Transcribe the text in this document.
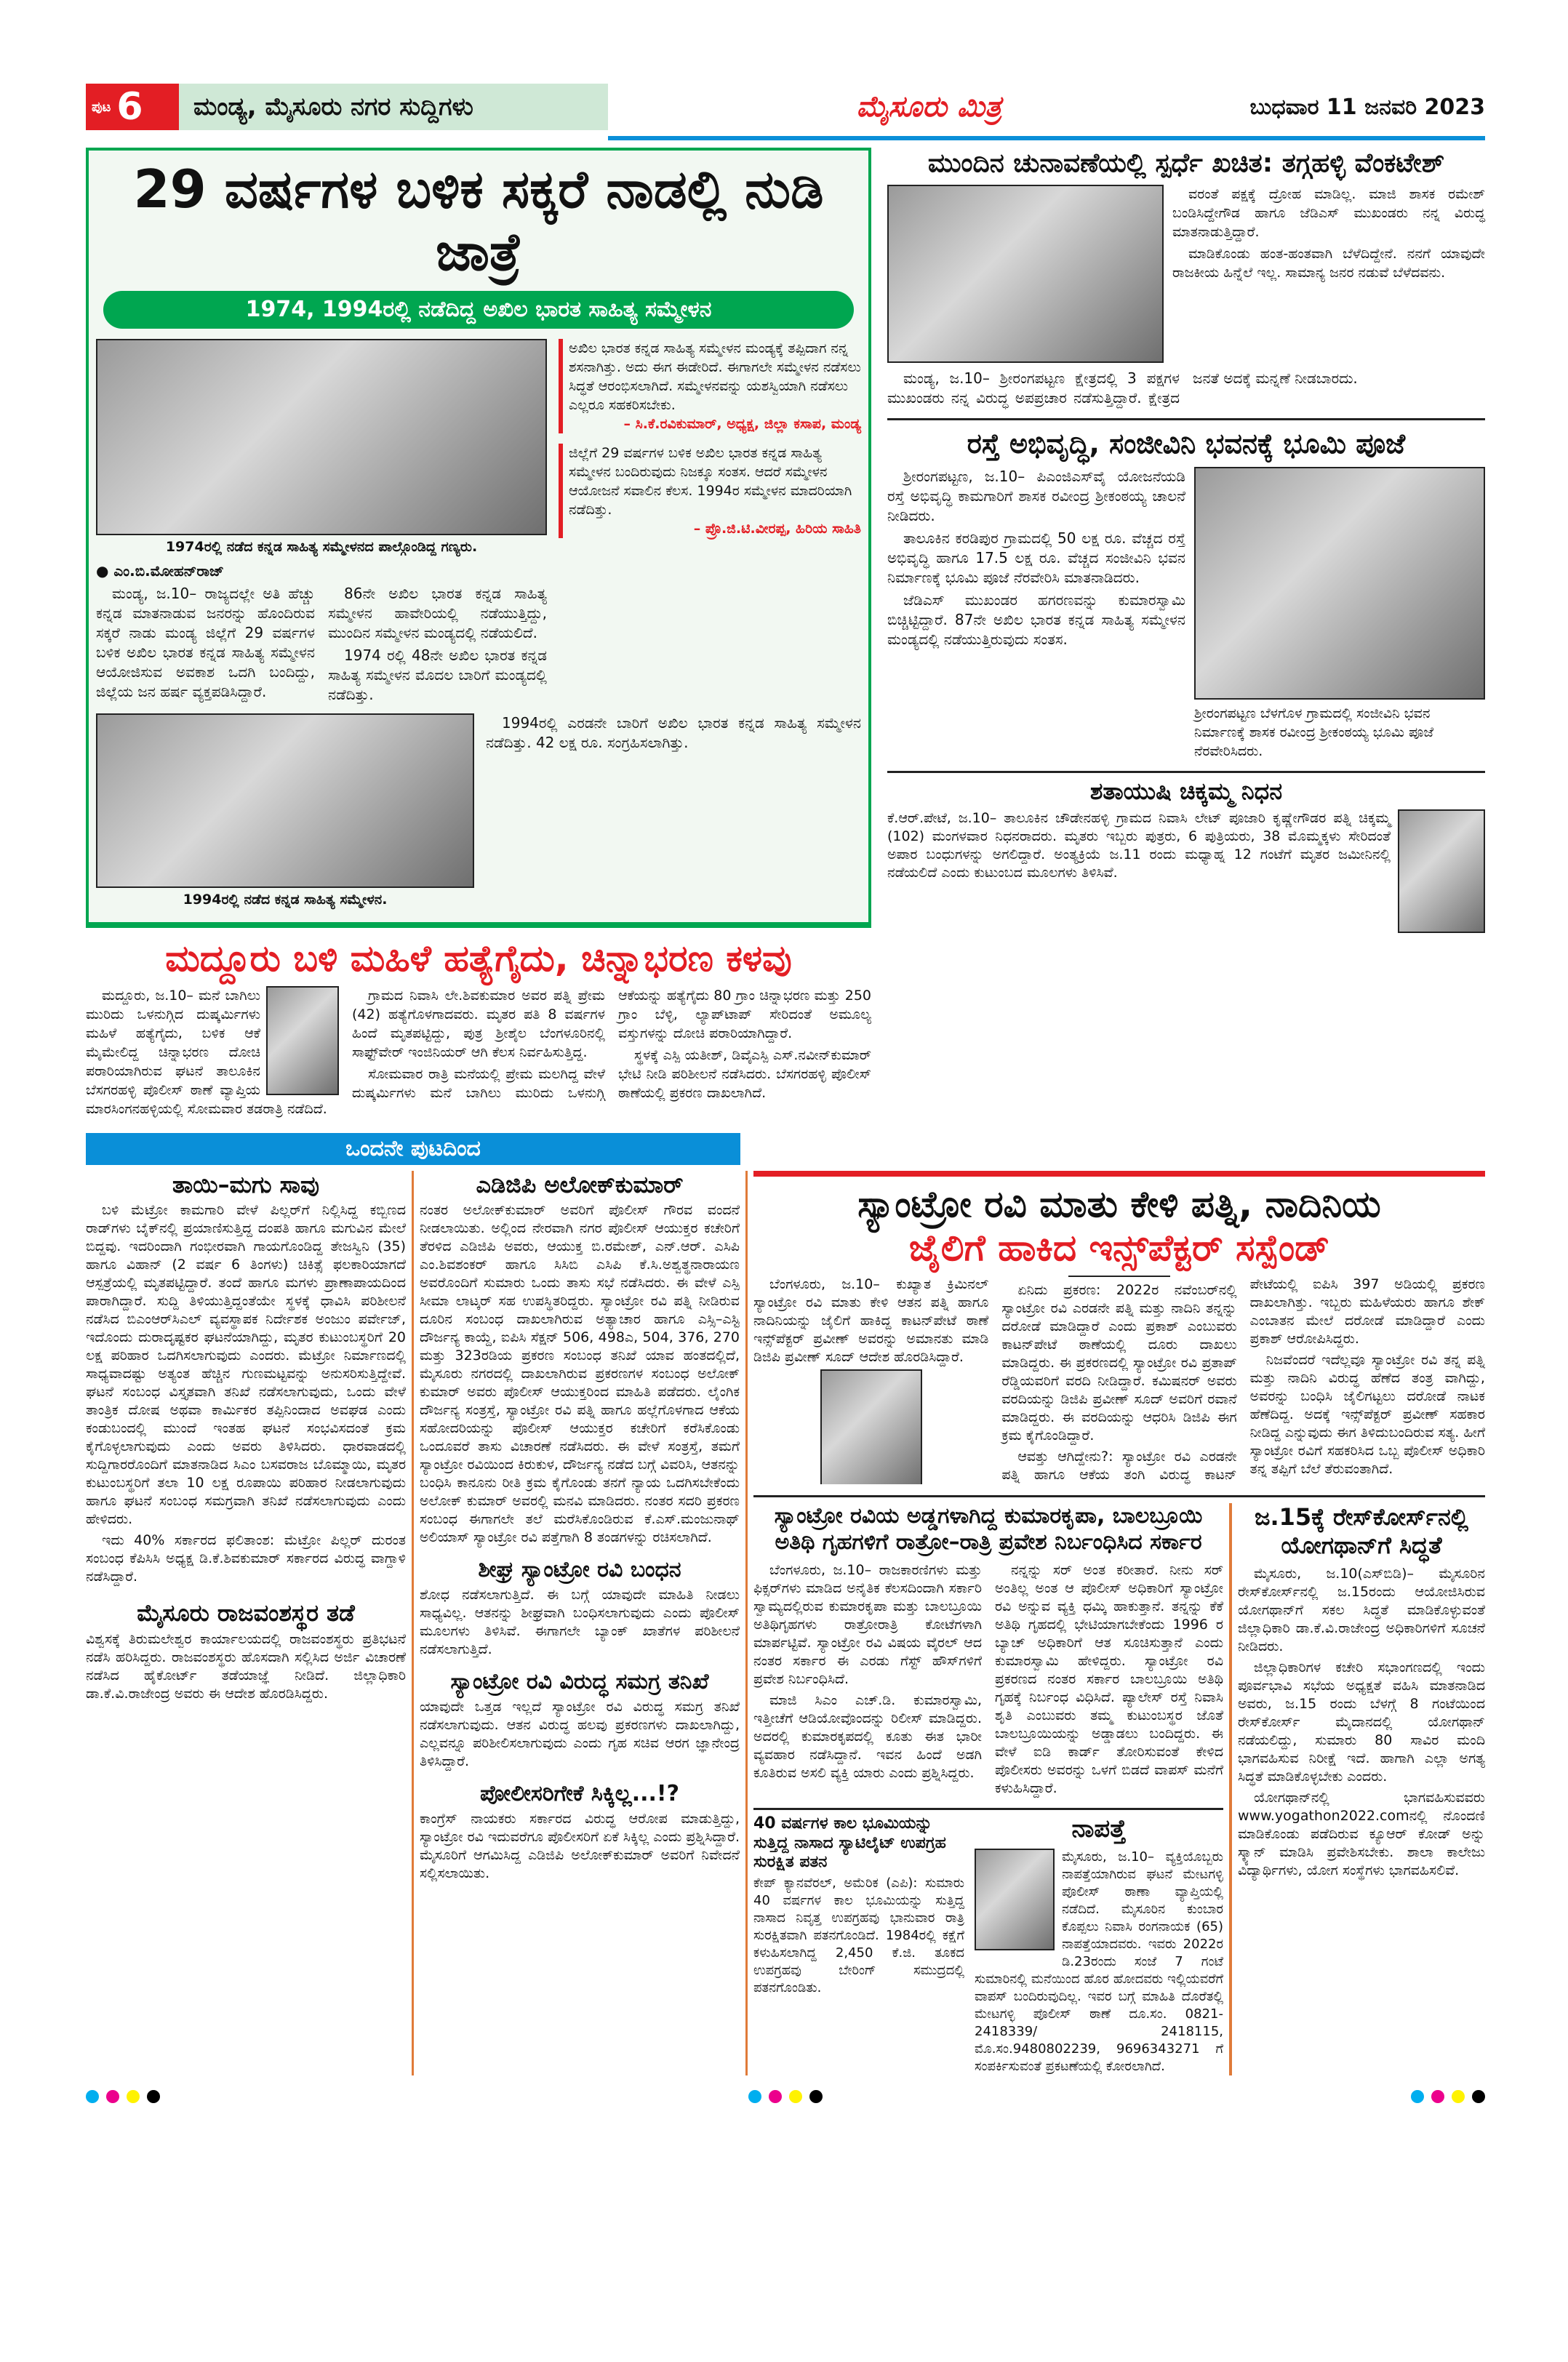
ಪುಟ 6 ಮಂಡ್ಯ, ಮೈಸೂರು ನಗರ ಸುದ್ದಿಗಳು	ಮೈಸೂರು ಮಿತ್ರ	ಬುಧವಾರ 11 ಜನವರಿ 2023
29 ವರ್ಷಗಳ ಬಳಿಕ ಸಕ್ಕರೆ ನಾಡಲ್ಲಿ ನುಡಿ ಜಾತ್ರೆ
1974, 1994ರಲ್ಲಿ ನಡೆದಿದ್ದ ಅಖಿಲ ಭಾರತ ಸಾಹಿತ್ಯ ಸಮ್ಮೇಳನ
1974ರಲ್ಲಿ ನಡೆದ ಕನ್ನಡ ಸಾಹಿತ್ಯ ಸಮ್ಮೇಳನದ ಪಾಲ್ಗೊಂಡಿದ್ದ ಗಣ್ಯರು.
● ಎಂ.ಬಿ.ಮೋಹನ್‌ರಾಜ್

ಮಂಡ್ಯ, ಜ.10– ರಾಜ್ಯದಲ್ಲೇ ಅತಿ ಹೆಚ್ಚು ಕನ್ನಡ ಮಾತನಾಡುವ ಜನರನ್ನು ಹೊಂದಿರುವ ಸಕ್ಕರೆ ನಾಡು ಮಂಡ್ಯ ಜಿಲ್ಲೆಗೆ 29 ವರ್ಷಗಳ ಬಳಿಕ ಅಖಿಲ ಭಾರತ ಕನ್ನಡ ಸಾಹಿತ್ಯ ಸಮ್ಮೇಳನ ಆಯೋಜಿಸುವ ಅವಕಾಶ ಒದಗಿ ಬಂದಿದ್ದು, ಜಿಲ್ಲೆಯ ಜನ ಹರ್ಷ ವ್ಯಕ್ತಪಡಿಸಿದ್ದಾರೆ.

86ನೇ ಅಖಿಲ ಭಾರತ ಕನ್ನಡ ಸಾಹಿತ್ಯ ಸಮ್ಮೇಳನ ಹಾವೇರಿಯಲ್ಲಿ ನಡೆಯುತ್ತಿದ್ದು, ಮುಂದಿನ ಸಮ್ಮೇಳನ ಮಂಡ್ಯದಲ್ಲಿ ನಡೆಯಲಿದೆ.

1974 ರಲ್ಲಿ 48ನೇ ಅಖಿಲ ಭಾರತ ಕನ್ನಡ ಸಾಹಿತ್ಯ ಸಮ್ಮೇಳನ ಮೊದಲ ಬಾರಿಗೆ ಮಂಡ್ಯದಲ್ಲಿ ನಡೆದಿತ್ತು.

ಅಖಿಲ ಭಾರತ ಕನ್ನಡ ಸಾಹಿತ್ಯ ಸಮ್ಮೇಳನ ಮಂಡ್ಯಕ್ಕೆ ತಪ್ಪಿದಾಗ ನನ್ನ ಶಸನಾಗಿತ್ತು. ಅದು ಈಗ ಈಡೇರಿದೆ. ಈಗಾಗಲೇ ಸಮ್ಮೇಳನ ನಡೆಸಲು ಸಿದ್ಧತೆ ಆರಂಭಿಸಲಾಗಿದೆ. ಸಮ್ಮೇಳನವನ್ನು ಯಶಸ್ವಿಯಾಗಿ ನಡೆಸಲು ಎಲ್ಲರೂ ಸಹಕರಿಸಬೇಕು.
– ಸಿ.ಕೆ.ರವಿಕುಮಾರ್, ಅಧ್ಯಕ್ಷ, ಜಿಲ್ಲಾ ಕಸಾಪ, ಮಂಡ್ಯ
ಜಿಲ್ಲೆಗೆ 29 ವರ್ಷಗಳ ಬಳಿಕ ಅಖಿಲ ಭಾರತ ಕನ್ನಡ ಸಾಹಿತ್ಯ ಸಮ್ಮೇಳನ ಬಂದಿರುವುದು ನಿಜಕ್ಕೂ ಸಂತಸ. ಆದರೆ ಸಮ್ಮೇಳನ ಆಯೋಜನೆ ಸವಾಲಿನ ಕೆಲಸ. 1994ರ ಸಮ್ಮೇಳನ ಮಾದರಿಯಾಗಿ ನಡೆದಿತ್ತು.
– ಪ್ರೊ.ಜಿ.ಟಿ.ವೀರಪ್ಪ, ಹಿರಿಯ ಸಾಹಿತಿ
1994ರಲ್ಲಿ ನಡೆದ ಕನ್ನಡ ಸಾಹಿತ್ಯ ಸಮ್ಮೇಳನ.

1994ರಲ್ಲಿ ಎರಡನೇ ಬಾರಿಗೆ ಅಖಿಲ ಭಾರತ ಕನ್ನಡ ಸಾಹಿತ್ಯ ಸಮ್ಮೇಳನ ನಡೆದಿತ್ತು. 42 ಲಕ್ಷ ರೂ. ಸಂಗ್ರಹಿಸಲಾಗಿತ್ತು.

ಮದ್ದೂರು ಬಳಿ ಮಹಿಳೆ ಹತ್ಯೆಗೈದು, ಚಿನ್ನಾಭರಣ ಕಳವು

ಮದ್ದೂರು, ಜ.10– ಮನೆ ಬಾಗಿಲು ಮುರಿದು ಒಳನುಗ್ಗಿದ ದುಷ್ಕರ್ಮಿಗಳು ಮಹಿಳೆ ಹತ್ಯೆಗೈದು, ಬಳಿಕ ಆಕೆ ಮೈಮೇಲಿದ್ದ ಚಿನ್ನಾಭರಣ ದೋಚಿ ಪರಾರಿಯಾಗಿರುವ ಘಟನೆ ತಾಲೂಕಿನ ಬೆಸಗರಹಳ್ಳಿ ಪೊಲೀಸ್ ಠಾಣೆ ವ್ಯಾಪ್ತಿಯ ಮಾರಸಿಂಗನಹಳ್ಳಿಯಲ್ಲಿ ಸೋಮವಾರ ತಡರಾತ್ರಿ ನಡೆದಿದೆ.

ಗ್ರಾಮದ ನಿವಾಸಿ ಲೇ.ಶಿವಕುಮಾರ ಅವರ ಪತ್ನಿ ಪ್ರೇಮ (42) ಹತ್ಯೆಗೊಳಗಾದವರು. ಮೃತರ ಪತಿ 8 ವರ್ಷಗಳ ಹಿಂದೆ ಮೃತಪಟ್ಟಿದ್ದು, ಪುತ್ರ ಶ್ರೀಶೈಲ ಬೆಂಗಳೂರಿನಲ್ಲಿ ಸಾಫ್ಟ್‌ವೇರ್ ಇಂಜಿನಿಯರ್ ಆಗಿ ಕೆಲಸ ನಿರ್ವಹಿಸುತ್ತಿದ್ದ.

ಸೋಮವಾರ ರಾತ್ರಿ ಮನೆಯಲ್ಲಿ ಪ್ರೇಮ ಮಲಗಿದ್ದ ವೇಳೆ ದುಷ್ಕರ್ಮಿಗಳು ಮನೆ ಬಾಗಿಲು ಮುರಿದು ಒಳನುಗ್ಗಿ ಆಕೆಯನ್ನು ಹತ್ಯೆಗೈದು 80 ಗ್ರಾಂ ಚಿನ್ನಾಭರಣ ಮತ್ತು 250 ಗ್ರಾಂ ಬೆಳ್ಳಿ, ಲ್ಯಾಪ್‌ಟಾಪ್ ಸೇರಿದಂತೆ ಅಮೂಲ್ಯ ವಸ್ತುಗಳನ್ನು ದೋಚಿ ಪರಾರಿಯಾಗಿದ್ದಾರೆ.

ಸ್ಥಳಕ್ಕೆ ಎಸ್ಪಿ ಯತೀಶ್, ಡಿವೈಎಸ್ಪಿ ಎಸ್.ನವೀನ್‌ಕುಮಾರ್ ಭೇಟಿ ನೀಡಿ ಪರಿಶೀಲನೆ ನಡೆಸಿದರು. ಬೆಸಗರಹಳ್ಳಿ ಪೊಲೀಸ್ ಠಾಣೆಯಲ್ಲಿ ಪ್ರಕರಣ ದಾಖಲಾಗಿದೆ.

ಮುಂದಿನ ಚುನಾವಣೆಯಲ್ಲಿ ಸ್ಪರ್ಧೆ ಖಚಿತ: ತಗ್ಗಹಳ್ಳಿ ವೆಂಕಟೇಶ್

ವರಂತೆ ಪಕ್ಷಕ್ಕೆ ದ್ರೋಹ ಮಾಡಿಲ್ಲ. ಮಾಜಿ ಶಾಸಕ ರಮೇಶ್ ಬಂಡಿಸಿದ್ದೇಗೌಡ ಹಾಗೂ ಜೆಡಿಎಸ್ ಮುಖಂಡರು ನನ್ನ ವಿರುದ್ಧ ಮಾತನಾಡುತ್ತಿದ್ದಾರೆ.

ಮಾಡಿಕೊಂಡು ಹಂತ-ಹಂತವಾಗಿ ಬೆಳೆದಿದ್ದೇನೆ. ನನಗೆ ಯಾವುದೇ ರಾಜಕೀಯ ಹಿನ್ನೆಲೆ ಇಲ್ಲ. ಸಾಮಾನ್ಯ ಜನರ ನಡುವೆ ಬೆಳೆದವನು.

ಮಂಡ್ಯ, ಜ.10– ಶ್ರೀರಂಗಪಟ್ಟಣ ಕ್ಷೇತ್ರದಲ್ಲಿ 3 ಪಕ್ಷಗಳ ಮುಖಂಡರು ನನ್ನ ವಿರುದ್ಧ ಅಪಪ್ರಚಾರ ನಡೆಸುತ್ತಿದ್ದಾರೆ. ಕ್ಷೇತ್ರದ ಜನತೆ ಅದಕ್ಕೆ ಮನ್ನಣೆ ನೀಡಬಾರದು.

ರಸ್ತೆ ಅಭಿವೃದ್ಧಿ, ಸಂಜೀವಿನಿ ಭವನಕ್ಕೆ ಭೂಮಿ ಪೂಜೆ

ಶ್ರೀರಂಗಪಟ್ಟಣ, ಜ.10– ಪಿಎಂಜಿಎಸ್‌ವೈ ಯೋಜನೆಯಡಿ ರಸ್ತೆ ಅಭಿವೃದ್ಧಿ ಕಾಮಗಾರಿಗೆ ಶಾಸಕ ರವೀಂದ್ರ ಶ್ರೀಕಂಠಯ್ಯ ಚಾಲನೆ ನೀಡಿದರು.

ತಾಲೂಕಿನ ಕರಡಿಪುರ ಗ್ರಾಮದಲ್ಲಿ 50 ಲಕ್ಷ ರೂ. ವೆಚ್ಚದ ರಸ್ತೆ ಅಭಿವೃದ್ಧಿ ಹಾಗೂ 17.5 ಲಕ್ಷ ರೂ. ವೆಚ್ಚದ ಸಂಜೀವಿನಿ ಭವನ ನಿರ್ಮಾಣಕ್ಕೆ ಭೂಮಿ ಪೂಜೆ ನೆರವೇರಿಸಿ ಮಾತನಾಡಿದರು.

ಜೆಡಿಎಸ್ ಮುಖಂಡರ ಹಗರಣವನ್ನು ಕುಮಾರಸ್ವಾಮಿ ಬಿಚ್ಚಿಟ್ಟಿದ್ದಾರೆ. 87ನೇ ಅಖಿಲ ಭಾರತ ಕನ್ನಡ ಸಾಹಿತ್ಯ ಸಮ್ಮೇಳನ ಮಂಡ್ಯದಲ್ಲಿ ನಡೆಯುತ್ತಿರುವುದು ಸಂತಸ.

ಶ್ರೀರಂಗಪಟ್ಟಣ ಬೆಳಗೊಳ ಗ್ರಾಮದಲ್ಲಿ ಸಂಜೀವಿನಿ ಭವನ ನಿರ್ಮಾಣಕ್ಕೆ ಶಾಸಕ ರವೀಂದ್ರ ಶ್ರೀಕಂಠಯ್ಯ ಭೂಮಿ ಪೂಜೆ ನೆರವೇರಿಸಿದರು.
ಶತಾಯುಷಿ ಚಿಕ್ಕಮ್ಮ ನಿಧನ
ಕೆ.ಆರ್.ಪೇಟೆ, ಜ.10– ತಾಲೂಕಿನ ಚೌಡೇನಹಳ್ಳಿ ಗ್ರಾಮದ ನಿವಾಸಿ ಲೇಟ್ ಪೂಜಾರಿ ಕೃಷ್ಣೇಗೌಡರ ಪತ್ನಿ ಚಿಕ್ಕಮ್ಮ (102) ಮಂಗಳವಾರ ನಿಧನರಾದರು. ಮೃತರು ಇಬ್ಬರು ಪುತ್ರರು, 6 ಪುತ್ರಿಯರು, 38 ಮೊಮ್ಮಕ್ಕಳು ಸೇರಿದಂತೆ ಅಪಾರ ಬಂಧುಗಳನ್ನು ಅಗಲಿದ್ದಾರೆ. ಅಂತ್ಯಕ್ರಿಯೆ ಜ.11 ರಂದು ಮಧ್ಯಾಹ್ನ 12 ಗಂಟೆಗೆ ಮೃತರ ಜಮೀನಿನಲ್ಲಿ ನಡೆಯಲಿದೆ ಎಂದು ಕುಟುಂಬದ ಮೂಲಗಳು ತಿಳಿಸಿವೆ.
ಒಂದನೇ ಪುಟದಿಂದ
ತಾಯಿ–ಮಗು ಸಾವು

ಬಳಿ ಮೆಟ್ರೋ ಕಾಮಗಾರಿ ವೇಳೆ ಪಿಲ್ಲರ್‌ಗೆ ನಿಲ್ಲಿಸಿದ್ದ ಕಬ್ಬಿಣದ ರಾಡ್‌ಗಳು ಬೈಕ್‌ನಲ್ಲಿ ಪ್ರಯಾಣಿಸುತ್ತಿದ್ದ ದಂಪತಿ ಹಾಗೂ ಮಗುವಿನ ಮೇಲೆ ಬಿದ್ದವು. ಇದರಿಂದಾಗಿ ಗಂಭೀರವಾಗಿ ಗಾಯಗೊಂಡಿದ್ದ ತೇಜಸ್ವಿನಿ (35) ಹಾಗೂ ವಿಹಾನ್ (2 ವರ್ಷ 6 ತಿಂಗಳು) ಚಿಕಿತ್ಸೆ ಫಲಕಾರಿಯಾಗದೆ ಆಸ್ಪತ್ರೆಯಲ್ಲಿ ಮೃತಪಟ್ಟಿದ್ದಾರೆ. ತಂದೆ ಹಾಗೂ ಮಗಳು ಪ್ರಾಣಾಪಾಯದಿಂದ ಪಾರಾಗಿದ್ದಾರೆ. ಸುದ್ದಿ ತಿಳಿಯುತ್ತಿದ್ದಂತೆಯೇ ಸ್ಥಳಕ್ಕೆ ಧಾವಿಸಿ ಪರಿಶೀಲನೆ ನಡೆಸಿದ ಬಿಎಂಆರ್‌ಸಿಎಲ್ ವ್ಯವಸ್ಥಾಪಕ ನಿರ್ದೇಶಕ ಅಂಜುಂ ಪರ್ವೇಜ್, ಇದೊಂದು ದುರಾದೃಷ್ಟಕರ ಘಟನೆಯಾಗಿದ್ದು, ಮೃತರ ಕುಟುಂಬಸ್ಥರಿಗೆ 20 ಲಕ್ಷ ಪರಿಹಾರ ಒದಗಿಸಲಾಗುವುದು ಎಂದರು. ಮೆಟ್ರೋ ನಿರ್ಮಾಣದಲ್ಲಿ ಸಾಧ್ಯವಾದಷ್ಟು ಅತ್ಯಂತ ಹೆಚ್ಚಿನ ಗುಣಮಟ್ಟವನ್ನು ಅನುಸರಿಸುತ್ತಿದ್ದೇವೆ. ಘಟನೆ ಸಂಬಂಧ ವಿಸ್ತೃತವಾಗಿ ತನಿಖೆ ನಡೆಸಲಾಗುವುದು, ಒಂದು ವೇಳೆ ತಾಂತ್ರಿಕ ದೋಷ ಅಥವಾ ಕಾರ್ಮಿಕರ ತಪ್ಪಿನಿಂದಾದ ಅವಘಡ ಎಂದು ಕಂಡುಬಂದಲ್ಲಿ ಮುಂದೆ ಇಂತಹ ಘಟನೆ ಸಂಭವಿಸದಂತೆ ಕ್ರಮ ಕೈಗೊಳ್ಳಲಾಗುವುದು ಎಂದು ಅವರು ತಿಳಿಸಿದರು. ಧಾರವಾಡದಲ್ಲಿ ಸುದ್ದಿಗಾರರೊಂದಿಗೆ ಮಾತನಾಡಿದ ಸಿಎಂ ಬಸವರಾಜ ಬೊಮ್ಮಾಯಿ, ಮೃತರ ಕುಟುಂಬಸ್ಥರಿಗೆ ತಲಾ 10 ಲಕ್ಷ ರೂಪಾಯಿ ಪರಿಹಾರ ನೀಡಲಾಗುವುದು ಹಾಗೂ ಘಟನೆ ಸಂಬಂಧ ಸಮಗ್ರವಾಗಿ ತನಿಖೆ ನಡೆಸಲಾಗುವುದು ಎಂದು ಹೇಳಿದರು.

ಇದು 40% ಸರ್ಕಾರದ ಫಲಿತಾಂಶ: ಮೆಟ್ರೋ ಪಿಲ್ಲರ್ ದುರಂತ ಸಂಬಂಧ ಕೆಪಿಸಿಸಿ ಅಧ್ಯಕ್ಷ ಡಿ.ಕೆ.ಶಿವಕುಮಾರ್ ಸರ್ಕಾರದ ವಿರುದ್ಧ ವಾಗ್ದಾಳಿ ನಡೆಸಿದ್ದಾರೆ.

ಮೈಸೂರು ರಾಜವಂಶಸ್ಥರ ತಡೆ
ವಿಶ್ವಸಕ್ಕೆ ತಿರುಮಲೇಶ್ವರ ಕಾರ್ಯಾಲಯದಲ್ಲಿ ರಾಜವಂಶಸ್ಥರು ಪ್ರತಿಭಟನೆ ನಡೆಸಿ ಹರಿಸಿದ್ದರು. ರಾಜವಂಶಸ್ಥರು ಹೊಸದಾಗಿ ಸಲ್ಲಿಸಿದ ಅರ್ಜಿ ವಿಚಾರಣೆ ನಡೆಸಿದ ಹೈಕೋರ್ಟ್ ತಡೆಯಾಜ್ಞೆ ನೀಡಿದೆ. ಜಿಲ್ಲಾಧಿಕಾರಿ ಡಾ.ಕೆ.ವಿ.ರಾಜೇಂದ್ರ ಅವರು ಈ ಆದೇಶ ಹೊರಡಿಸಿದ್ದರು.
ಎಡಿಜಿಪಿ ಅಲೋಕ್‌ಕುಮಾರ್
ನಂತರ ಅಲೋಕ್‌ಕುಮಾರ್ ಅವರಿಗೆ ಪೊಲೀಸ್ ಗೌರವ ವಂದನೆ ನೀಡಲಾಯಿತು. ಅಲ್ಲಿಂದ ನೇರವಾಗಿ ನಗರ ಪೊಲೀಸ್ ಆಯುಕ್ತರ ಕಚೇರಿಗೆ ತೆರಳಿದ ಎಡಿಜಿಪಿ ಅವರು, ಆಯುಕ್ತ ಬಿ.ರಮೇಶ್, ಎನ್.ಆರ್. ಎಸಿಪಿ ಎಂ.ಶಿವಶಂಕರ್ ಹಾಗೂ ಸಿಸಿಬಿ ಎಸಿಪಿ ಕೆ.ಸಿ.ಅಶ್ವತ್ಥನಾರಾಯಣ ಅವರೊಂದಿಗೆ ಸುಮಾರು ಒಂದು ತಾಸು ಸಭೆ ನಡೆಸಿದರು. ಈ ವೇಳೆ ಎಸ್ಪಿ ಸೀಮಾ ಲಾಟ್ಕರ್ ಸಹ ಉಪಸ್ಥಿತರಿದ್ದರು. ಸ್ಯಾಂಟ್ರೋ ರವಿ ಪತ್ನಿ ನೀಡಿರುವ ದೂರಿನ ಸಂಬಂಧ ದಾಖಲಾಗಿರುವ ಅತ್ಯಾಚಾರ ಹಾಗೂ ಎಸ್ಸಿ–ಎಸ್ಟಿ ದೌರ್ಜನ್ಯ ಕಾಯ್ದೆ, ಐಪಿಸಿ ಸೆಕ್ಷನ್ 506, 498ಎ, 504, 376, 270 ಮತ್ತು 323ರಡಿಯ ಪ್ರಕರಣ ಸಂಬಂಧ ತನಿಖೆ ಯಾವ ಹಂತದಲ್ಲಿದೆ, ಮೈಸೂರು ನಗರದಲ್ಲಿ ದಾಖಲಾಗಿರುವ ಪ್ರಕರಣಗಳ ಸಂಬಂಧ ಅಲೋಕ್ ಕುಮಾರ್ ಅವರು ಪೊಲೀಸ್ ಆಯುಕ್ತರಿಂದ ಮಾಹಿತಿ ಪಡೆದರು. ಲೈಂಗಿಕ ದೌರ್ಜನ್ಯ ಸಂತ್ರಸ್ತೆ, ಸ್ಯಾಂಟ್ರೋ ರವಿ ಪತ್ನಿ ಹಾಗೂ ಹಲ್ಲೆಗೊಳಗಾದ ಆಕೆಯ ಸಹೋದರಿಯನ್ನು ಪೊಲೀಸ್ ಆಯುಕ್ತರ ಕಚೇರಿಗೆ ಕರೆಸಿಕೊಂಡು ಒಂದೂವರೆ ತಾಸು ವಿಚಾರಣೆ ನಡೆಸಿದರು. ಈ ವೇಳೆ ಸಂತ್ರಸ್ತೆ, ತಮಗೆ ಸ್ಯಾಂಟ್ರೋ ರವಿಯಿಂದ ಕಿರುಕುಳ, ದೌರ್ಜನ್ಯ ನಡೆದ ಬಗ್ಗೆ ವಿವರಿಸಿ, ಆತನನ್ನು ಬಂಧಿಸಿ ಕಾನೂನು ರೀತಿ ಕ್ರಮ ಕೈಗೊಂಡು ತನಗೆ ನ್ಯಾಯ ಒದಗಿಸಬೇಕೆಂದು ಅಲೋಕ್ ಕುಮಾರ್ ಅವರಲ್ಲಿ ಮನವಿ ಮಾಡಿದರು. ನಂತರ ಸದರಿ ಪ್ರಕರಣ ಸಂಬಂಧ ಈಗಾಗಲೇ ತಲೆ ಮರೆಸಿಕೊಂಡಿರುವ ಕೆ.ಎಸ್.ಮಂಜುನಾಥ್ ಅಲಿಯಾಸ್ ಸ್ಯಾಂಟ್ರೋ ರವಿ ಪತ್ತೆಗಾಗಿ 8 ತಂಡಗಳನ್ನು ರಚಿಸಲಾಗಿದೆ.
ಶೀಘ್ರ ಸ್ಯಾಂಟ್ರೋ ರವಿ ಬಂಧನ
ಶೋಧ ನಡೆಸಲಾಗುತ್ತಿದೆ. ಈ ಬಗ್ಗೆ ಯಾವುದೇ ಮಾಹಿತಿ ನೀಡಲು ಸಾಧ್ಯವಿಲ್ಲ. ಆತನನ್ನು ಶೀಘ್ರವಾಗಿ ಬಂಧಿಸಲಾಗುವುದು ಎಂದು ಪೊಲೀಸ್ ಮೂಲಗಳು ತಿಳಿಸಿವೆ. ಈಗಾಗಲೇ ಬ್ಯಾಂಕ್ ಖಾತೆಗಳ ಪರಿಶೀಲನೆ ನಡೆಸಲಾಗುತ್ತಿದೆ.
ಸ್ಯಾಂಟ್ರೋ ರವಿ ವಿರುದ್ಧ ಸಮಗ್ರ ತನಿಖೆ
ಯಾವುದೇ ಒತ್ತಡ ಇಲ್ಲದೆ ಸ್ಯಾಂಟ್ರೋ ರವಿ ವಿರುದ್ಧ ಸಮಗ್ರ ತನಿಖೆ ನಡೆಸಲಾಗುವುದು. ಆತನ ವಿರುದ್ಧ ಹಲವು ಪ್ರಕರಣಗಳು ದಾಖಲಾಗಿದ್ದು, ಎಲ್ಲವನ್ನೂ ಪರಿಶೀಲಿಸಲಾಗುವುದು ಎಂದು ಗೃಹ ಸಚಿವ ಆರಗ ಜ್ಞಾನೇಂದ್ರ ತಿಳಿಸಿದ್ದಾರೆ.
ಪೋಲೀಸರಿಗೇಕೆ ಸಿಕ್ಕಿಲ್ಲ...!?
ಕಾಂಗ್ರೆಸ್ ನಾಯಕರು ಸರ್ಕಾರದ ವಿರುದ್ಧ ಆರೋಪ ಮಾಡುತ್ತಿದ್ದು, ಸ್ಯಾಂಟ್ರೋ ರವಿ ಇದುವರೆಗೂ ಪೊಲೀಸರಿಗೆ ಏಕೆ ಸಿಕ್ಕಿಲ್ಲ ಎಂದು ಪ್ರಶ್ನಿಸಿದ್ದಾರೆ. ಮೈಸೂರಿಗೆ ಆಗಮಿಸಿದ್ದ ಎಡಿಜಿಪಿ ಅಲೋಕ್‌ಕುಮಾರ್ ಅವರಿಗೆ ನಿವೇದನೆ ಸಲ್ಲಿಸಲಾಯಿತು.
ಸ್ಯಾಂಟ್ರೋ ರವಿ ಮಾತು ಕೇಳಿ ಪತ್ನಿ, ನಾದಿನಿಯ
ಜೈಲಿಗೆ ಹಾಕಿದ ಇನ್ಸ್‌ಪೆಕ್ಟರ್ ಸಸ್ಪೆಂಡ್

ಬೆಂಗಳೂರು, ಜ.10– ಕುಖ್ಯಾತ ಕ್ರಿಮಿನಲ್ ಸ್ಯಾಂಟ್ರೋ ರವಿ ಮಾತು ಕೇಳಿ ಆತನ ಪತ್ನಿ ಹಾಗೂ ನಾದಿನಿಯನ್ನು ಜೈಲಿಗೆ ಹಾಕಿದ್ದ ಕಾಟನ್‌ಪೇಟೆ ಠಾಣೆ ಇನ್ಸ್‌ಪೆಕ್ಟರ್ ಪ್ರವೀಣ್ ಅವರನ್ನು ಅಮಾನತು ಮಾಡಿ ಡಿಜಿಪಿ ಪ್ರವೀಣ್ ಸೂದ್ ಆದೇಶ ಹೊರಡಿಸಿದ್ದಾರೆ.

ಏನಿದು ಪ್ರಕರಣ: 2022ರ ನವೆಂಬರ್‌ನಲ್ಲಿ ಸ್ಯಾಂಟ್ರೋ ರವಿ ಎರಡನೇ ಪತ್ನಿ ಮತ್ತು ನಾದಿನಿ ತನ್ನನ್ನು ದರೋಡೆ ಮಾಡಿದ್ದಾರೆ ಎಂದು ಪ್ರಕಾಶ್ ಎಂಬುವರು ಕಾಟನ್‌ಪೇಟೆ ಠಾಣೆಯಲ್ಲಿ ದೂರು ದಾಖಲು ಮಾಡಿದ್ದರು. ಈ ಪ್ರಕರಣದಲ್ಲಿ ಸ್ಯಾಂಟ್ರೋ ರವಿ ಪ್ರತಾಪ್ ರೆಡ್ಡಿಯವರಿಗೆ ವರದಿ ನೀಡಿದ್ದಾರೆ. ಕಮಿಷನರ್ ಅವರು ವರದಿಯನ್ನು ಡಿಜಿಪಿ ಪ್ರವೀಣ್ ಸೂದ್ ಅವರಿಗೆ ರವಾನೆ ಮಾಡಿದ್ದರು. ಈ ವರದಿಯನ್ನು ಆಧರಿಸಿ ಡಿಜಿಪಿ ಈಗ ಕ್ರಮ ಕೈಗೊಂಡಿದ್ದಾರೆ.

ಆವತ್ತು ಆಗಿದ್ದೇನು?: ಸ್ಯಾಂಟ್ರೋ ರವಿ ಎರಡನೇ ಪತ್ನಿ ಹಾಗೂ ಆಕೆಯ ತಂಗಿ ವಿರುದ್ಧ ಕಾಟನ್ ಪೇಟೆಯಲ್ಲಿ ಐಪಿಸಿ 397 ಅಡಿಯಲ್ಲಿ ಪ್ರಕರಣ ದಾಖಲಾಗಿತ್ತು. ಇಬ್ಬರು ಮಹಿಳೆಯರು ಹಾಗೂ ಶೇಕ್ ಎಂಬಾತನ ಮೇಲೆ ದರೋಡೆ ಮಾಡಿದ್ದಾರೆ ಎಂದು ಪ್ರಕಾಶ್ ಆರೋಪಿಸಿದ್ದರು.

ನಿಜವೆಂದರೆ ಇದೆಲ್ಲವೂ ಸ್ಯಾಂಟ್ರೋ ರವಿ ತನ್ನ ಪತ್ನಿ ಮತ್ತು ನಾದಿನಿ ವಿರುದ್ಧ ಹೆಣೆದ ತಂತ್ರ ವಾಗಿದ್ದು, ಅವರನ್ನು ಬಂಧಿಸಿ ಜೈಲಿಗಟ್ಟಲು ದರೋಡೆ ನಾಟಕ ಹೆಣೆದಿದ್ದ. ಅದಕ್ಕೆ ಇನ್ಸ್‌ಪೆಕ್ಟರ್ ಪ್ರವೀಣ್ ಸಹಕಾರ ನೀಡಿದ್ದ ಎನ್ನುವುದು ಈಗ ತಿಳಿದುಬಂದಿರುವ ಸತ್ಯ. ಹೀಗೆ ಸ್ಯಾಂಟ್ರೋ ರವಿಗೆ ಸಹಕರಿಸಿದ ಒಬ್ಬ ಪೊಲೀಸ್ ಅಧಿಕಾರಿ ತನ್ನ ತಪ್ಪಿಗೆ ಬೆಲೆ ತೆರುವಂತಾಗಿದೆ.

ಸ್ಯಾಂಟ್ರೋ ರವಿಯ ಅಡ್ಡಗಳಾಗಿದ್ದ ಕುಮಾರಕೃಪಾ, ಬಾಲಬ್ರೂಯಿ
ಅತಿಥಿ ಗೃಹಗಳಿಗೆ ರಾತ್ರೋ–ರಾತ್ರಿ ಪ್ರವೇಶ ನಿರ್ಬಂಧಿಸಿದ ಸರ್ಕಾರ

ಬೆಂಗಳೂರು, ಜ.10– ರಾಜಕಾರಣಿಗಳು ಮತ್ತು ಫಿಕ್ಸರ್‌ಗಳು ಮಾಡಿದ ಅನೈತಿಕ ಕೆಲಸದಿಂದಾಗಿ ಸರ್ಕಾರಿ ಸ್ವಾಮ್ಯದಲ್ಲಿರುವ ಕುಮಾರಕೃಪಾ ಮತ್ತು ಬಾಲಬ್ರೂಯಿ ಅತಿಥಿಗೃಹಗಳು ರಾತ್ರೋರಾತ್ರಿ ಕೋಟೆಗಳಾಗಿ ಮಾರ್ಪಟ್ಟಿವೆ. ಸ್ಯಾಂಟ್ರೋ ರವಿ ವಿಷಯ ವೈರಲ್ ಆದ ನಂತರ ಸರ್ಕಾರ ಈ ಎರಡು ಗೆಸ್ಟ್ ಹೌಸ್‌ಗಳಿಗೆ ಪ್ರವೇಶ ನಿರ್ಬಂಧಿಸಿದೆ.

ಮಾಜಿ ಸಿಎಂ ಎಚ್.ಡಿ. ಕುಮಾರಸ್ವಾಮಿ, ಇತ್ತೀಚೆಗೆ ಆಡಿಯೋವೊಂದನ್ನು ರಿಲೀಸ್ ಮಾಡಿದ್ದರು. ಅದರಲ್ಲಿ ಕುಮಾರಕೃಪದಲ್ಲಿ ಕೂತು ಈತ ಭಾರೀ ವ್ಯವಹಾರ ನಡೆಸಿದ್ದಾನೆ. ಇವನ ಹಿಂದೆ ಅಡಗಿ ಕೂತಿರುವ ಅಸಲಿ ವ್ಯಕ್ತಿ ಯಾರು ಎಂದು ಪ್ರಶ್ನಿಸಿದ್ದರು.

ನನ್ನನ್ನು ಸರ್ ಅಂತ ಕರೀತಾರೆ. ನೀನು ಸರ್ ಅಂತಿಲ್ಲ ಅಂತ ಆ ಪೊಲೀಸ್ ಅಧಿಕಾರಿಗೆ ಸ್ಯಾಂಟ್ರೋ ರವಿ ಅನ್ನುವ ವ್ಯಕ್ತಿ ಧಮ್ಕಿ ಹಾಕುತ್ತಾನೆ. ತನ್ನನ್ನು ಕೆಕೆ ಅತಿಥಿ ಗೃಹದಲ್ಲಿ ಭೇಟಿಯಾಗಬೇಕೆಂದು 1996 ರ ಬ್ಯಾಚ್ ಅಧಿಕಾರಿಗೆ ಆತ ಸೂಚಿಸುತ್ತಾನೆ ಎಂದು ಕುಮಾರಸ್ವಾಮಿ ಹೇಳಿದ್ದರು. ಸ್ಯಾಂಟ್ರೋ ರವಿ ಪ್ರಕರಣದ ನಂತರ ಸರ್ಕಾರ ಬಾಲಬ್ರೂಯಿ ಅತಿಥಿ ಗೃಹಕ್ಕೆ ನಿರ್ಬಂಧ ವಿಧಿಸಿದೆ. ಪ್ಯಾಲೇಸ್ ರಸ್ತೆ ನಿವಾಸಿ ಶೃತಿ ಎಂಬುವರು ತಮ್ಮ ಕುಟುಂಬಸ್ಥರ ಜೊತೆ ಬಾಲಬ್ರೂಯಿಯನ್ನು ಅಡ್ಡಾಡಲು ಬಂದಿದ್ದರು. ಈ ವೇಳೆ ಐಡಿ ಕಾರ್ಡ್ ತೋರಿಸುವಂತೆ ಕೇಳಿದ ಪೊಲೀಸರು ಅವರನ್ನು ಒಳಗೆ ಬಿಡದೆ ವಾಪಸ್ ಮನೆಗೆ ಕಳುಹಿಸಿದ್ದಾರೆ.

40 ವರ್ಷಗಳ ಕಾಲ ಭೂಮಿಯನ್ನು ಸುತ್ತಿದ್ದ ನಾಸಾದ ಸ್ಯಾಟಿಲೈಟ್ ಉಪಗ್ರಹ ಸುರಕ್ಷಿತ ಪತನ
ಕೇಪ್ ಕ್ಯಾನವೆರಲ್, ಅಮೆರಿಕ (ಎಪಿ): ಸುಮಾರು 40 ವರ್ಷಗಳ ಕಾಲ ಭೂಮಿಯನ್ನು ಸುತ್ತಿದ್ದ ನಾಸಾದ ನಿವೃತ್ತ ಉಪಗ್ರಹವು ಭಾನುವಾರ ರಾತ್ರಿ ಸುರಕ್ಷಿತವಾಗಿ ಪತನಗೊಂಡಿದೆ. 1984ರಲ್ಲಿ ಕಕ್ಷೆಗೆ ಕಳುಹಿಸಲಾಗಿದ್ದ 2,450 ಕೆ.ಜಿ. ತೂಕದ ಉಪಗ್ರಹವು ಬೇರಿಂಗ್ ಸಮುದ್ರದಲ್ಲಿ ಪತನಗೊಂಡಿತು.
ನಾಪತ್ತೆ
ಮೈಸೂರು, ಜ.10– ವ್ಯಕ್ತಿಯೊಬ್ಬರು ನಾಪತ್ತೆಯಾಗಿರುವ ಘಟನೆ ಮೇಟಗಳ್ಳಿ ಪೊಲೀಸ್ ಠಾಣಾ ವ್ಯಾಪ್ತಿಯಲ್ಲಿ ನಡೆದಿದೆ. ಮೈಸೂರಿನ ಕುಂಬಾರ ಕೊಪ್ಪಲು ನಿವಾಸಿ ರಂಗನಾಯಕ (65) ನಾಪತ್ತೆಯಾದವರು. ಇವರು 2022ರ ಡಿ.23ರಂದು ಸಂಜೆ 7 ಗಂಟೆ ಸುಮಾರಿನಲ್ಲಿ ಮನೆಯಿಂದ ಹೊರ ಹೋದವರು ಇಲ್ಲಿಯವರೆಗೆ ವಾಪಸ್ ಬಂದಿರುವುದಿಲ್ಲ. ಇವರ ಬಗ್ಗೆ ಮಾಹಿತಿ ದೊರೆತಲ್ಲಿ ಮೇಟಗಳ್ಳಿ ಪೊಲೀಸ್ ಠಾಣೆ ದೂ.ಸಂ. 0821-2418339/ 2418115, ಮೊ.ಸಂ.9480802239, 9696343271 ಗೆ ಸಂಪರ್ಕಿಸುವಂತೆ ಪ್ರಕಟಣೆಯಲ್ಲಿ ಕೋರಲಾಗಿದೆ.
ಜ.15ಕ್ಕೆ ರೇಸ್‌ಕೋರ್ಸ್‌ನಲ್ಲಿ ಯೋಗಥಾನ್‌ಗೆ ಸಿದ್ಧತೆ

ಮೈಸೂರು, ಜ.10(ಎಸ್‌ಬಿಡಿ)– ಮೈಸೂರಿನ ರೇಸ್‌ಕೋರ್ಸ್‌ನಲ್ಲಿ ಜ.15ರಂದು ಆಯೋಜಿಸಿರುವ ಯೋಗಥಾನ್‌ಗೆ ಸಕಲ ಸಿದ್ಧತೆ ಮಾಡಿಕೊಳ್ಳುವಂತೆ ಜಿಲ್ಲಾಧಿಕಾರಿ ಡಾ.ಕೆ.ವಿ.ರಾಜೇಂದ್ರ ಅಧಿಕಾರಿಗಳಿಗೆ ಸೂಚನೆ ನೀಡಿದರು.

ಜಿಲ್ಲಾಧಿಕಾರಿಗಳ ಕಚೇರಿ ಸಭಾಂಗಣದಲ್ಲಿ ಇಂದು ಪೂರ್ವಭಾವಿ ಸಭೆಯ ಅಧ್ಯಕ್ಷತೆ ವಹಿಸಿ ಮಾತನಾಡಿದ ಅವರು, ಜ.15 ರಂದು ಬೆಳಗ್ಗೆ 8 ಗಂಟೆಯಿಂದ ರೇಸ್‌ಕೋರ್ಸ್ ಮೈದಾನದಲ್ಲಿ ಯೋಗಥಾನ್ ನಡೆಯಲಿದ್ದು, ಸುಮಾರು 80 ಸಾವಿರ ಮಂದಿ ಭಾಗವಹಿಸುವ ನಿರೀಕ್ಷೆ ಇದೆ. ಹಾಗಾಗಿ ಎಲ್ಲಾ ಅಗತ್ಯ ಸಿದ್ಧತೆ ಮಾಡಿಕೊಳ್ಳಬೇಕು ಎಂದರು.

ಯೋಗಥಾನ್‌ನಲ್ಲಿ ಭಾಗವಹಿಸುವವರು www.yogathon2022.comನಲ್ಲಿ ನೊಂದಣಿ ಮಾಡಿಕೊಂಡು ಪಡೆದಿರುವ ಕ್ಯೂಆರ್ ಕೋಡ್ ಅನ್ನು ಸ್ಕ್ಯಾನ್ ಮಾಡಿಸಿ ಪ್ರವೇಶಿಸಬೇಕು. ಶಾಲಾ ಕಾಲೇಜು ವಿದ್ಯಾರ್ಥಿಗಳು, ಯೋಗ ಸಂಸ್ಥೆಗಳು ಭಾಗವಹಿಸಲಿವೆ.
